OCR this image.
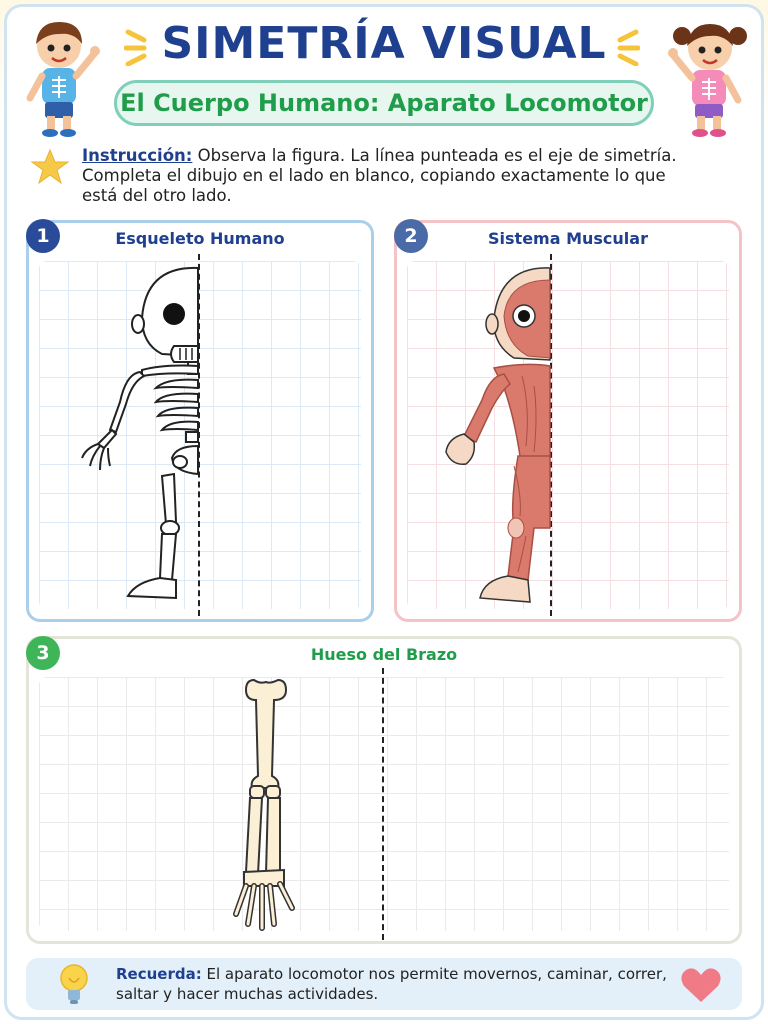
SIMETRÍA VISUAL
El Cuerpo Humano: Aparato Locomotor
Instrucción: Observa la figura. La línea punteada es el eje de simetría. Completa el dibujo en el lado en blanco, copiando exactamente lo que está del otro lado.
Esqueleto Humano
1	Sistema Muscular
2
Hueso del Brazo
3
Recuerda: El aparato locomotor nos permite movernos, caminar, correr, saltar y hacer muchas actividades.
